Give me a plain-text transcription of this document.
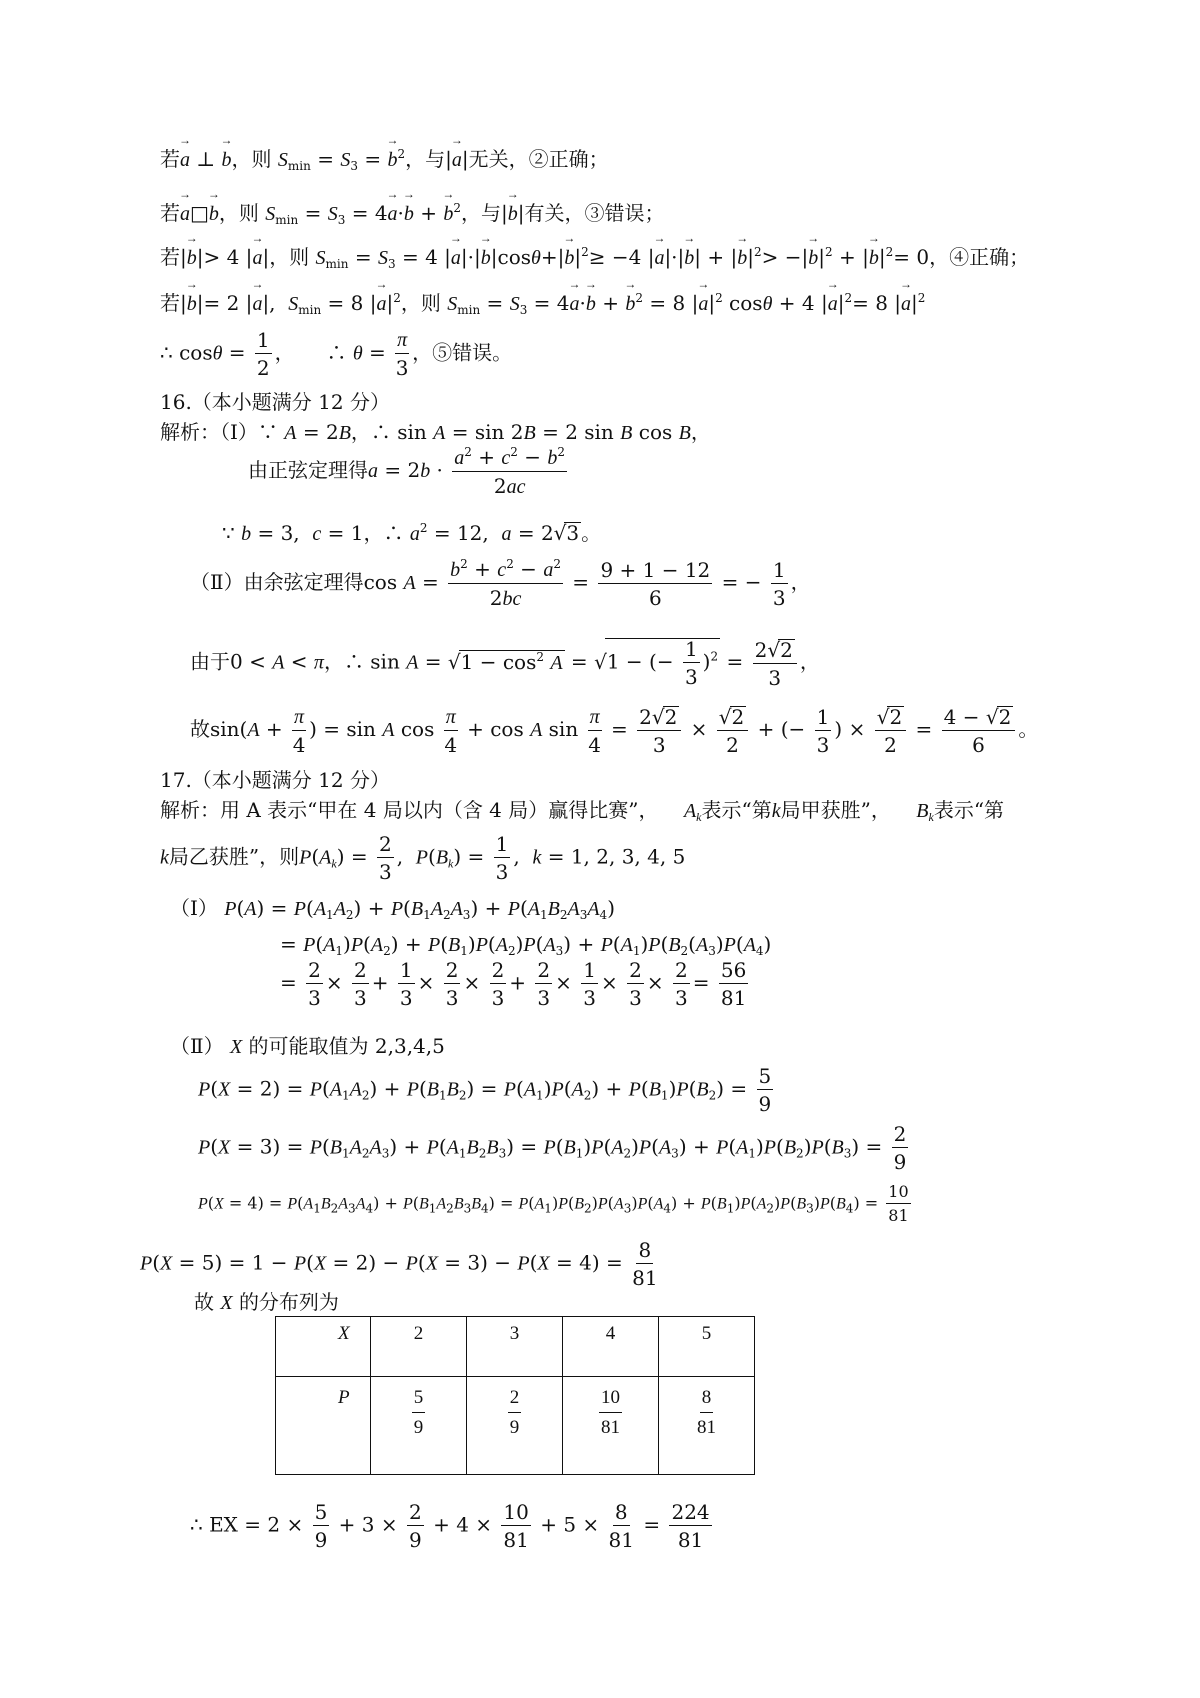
若→ a ⊥ → b，则 $S_{min} = S_3$ = → $b^2$，与|→ a|无关，②正确；
若→ a□→ b，则 $S_{min} = S_3 = 4\to a\cdot\to b$ + → $b^2$，与|→ b|有关，③错误；
若|→ b|> 4 |→ a|，则 $S_{min} = S_3 = 4$ |→ $a|\cdot|\to b|\cos\theta+|\to b|^2\ge -4$ |→ a|·|→ b| + |→ $b|^2>$ −|→ $b|^2$ + |→ $b|^2= 0$，④正确；
若|→ b|= 2 |→ a|,  $S_{min} = 8$ |→ $a|^2$，则 $S_{min} = S_3 = 4\to a\cdot\to b$ + → $b^2 = 8$ |→ $a|^2$ cosθ + 4 |→ $a|^2= 8$ |→ $a|^2$
∴ $\cos\theta = \frac{1}{2}$ ，     ∴ $\theta = \frac{\pi}{3}$ ，⑤错误。
16.（本小题满分 12 分）
解析：（Ⅰ）∵ A = 2B，∴ sin A = sin 2B = 2 sin B cos B，
由正弦定理得$a = 2b \cdot \frac{a^2 + c^2 - b^2}{2ac}$
∵ b = 3,  c = 1，∴ $a^2 = 12$,  a = 2√3 。
（Ⅱ）由余弦定理得$\cos A = \frac{b^2 + c^2 - a^2}{2bc} = \frac{9 + 1 - 12}{6}$ = − $\frac{1}{3}$ ，
由于0 < A < π，∴ $\sin A = √1 - \cos^2 A = √1$ − (− $\frac{1}{3} )^2 = \frac{2√2}{3}$ ，
故$\sin(A + \frac{\pi}{4}$ ) = sin A $\cos \frac{\pi}{4} + \cos A$ $\sin \frac{\pi}{4} = \frac{2√2}{3} \times \frac{√2}{2}$ + (− $\frac{1}{3}$ ) × $\frac{√2}{2} = \frac{4 - √2}{6}$ 。
17.（本小题满分 12 分）
解析：用 A 表示“甲在 4 局以内（含 4 局）赢得比赛”， $A_k$表示“第k局甲获胜”， $B_k$表示“第
k局乙获胜”，则$P(A_k) = \frac{2}{3}$ ,  $P(B_k) = \frac{1}{3}$ ,  k = 1, 2, 3, 4, 5
（Ⅰ） $P(A) = P(A_1A_2) + P(B_1A_2A_3) + P(A_1B_2A_3A_4)$
= $P(A_1)P(A_2) + P(B_1)P(A_2)P(A_3) + P(A_1)P(B_2(A_3)P(A_4)$
= $\frac{2}{3} \times \frac{2}{3} + \frac{1}{3} \times \frac{2}{3} \times \frac{2}{3} + \frac{2}{3} \times \frac{1}{3} \times \frac{2}{3} \times \frac{2}{3} = \frac{56}{81}$
（Ⅱ） X 的可能取值为 2,3,4,5
$P(X = 2) = P(A_1A_2) + P(B_1B_2) = P(A_1)P(A_2) + P(B_1)P(B_2) = \frac{5}{9}$
$P(X = 3) = P(B_1A_2A_3) + P(A_1B_2B_3) = P(B_1)P(A_2)P(A_3) + P(A_1)P(B_2)P(B_3) = \frac{2}{9}$
$P(X = 4) = P(A_1B_2A_3A_4) + P(B_1A_2B_3B_4) = P(A_1)P(B_2)P(A_3)P(A_4) + P(B_1)P(A_2)P(B_3)P(B_4) = \frac{10}{81}$
$P(X = 5) = 1 - P(X = 2) - P(X = 3) - P(X = 4) = \frac{8}{81}$
故 X 的分布列为
X	2	3	4	5
P	$\frac{5}{9}$	$\frac{2}{9}$	$\frac{10}{81}$	$\frac{8}{81}$
∴ EX = $2 \times \frac{5}{9} + 3 \times \frac{2}{9} + 4 \times \frac{10}{81} + 5 \times \frac{8}{81} = \frac{224}{81}$
